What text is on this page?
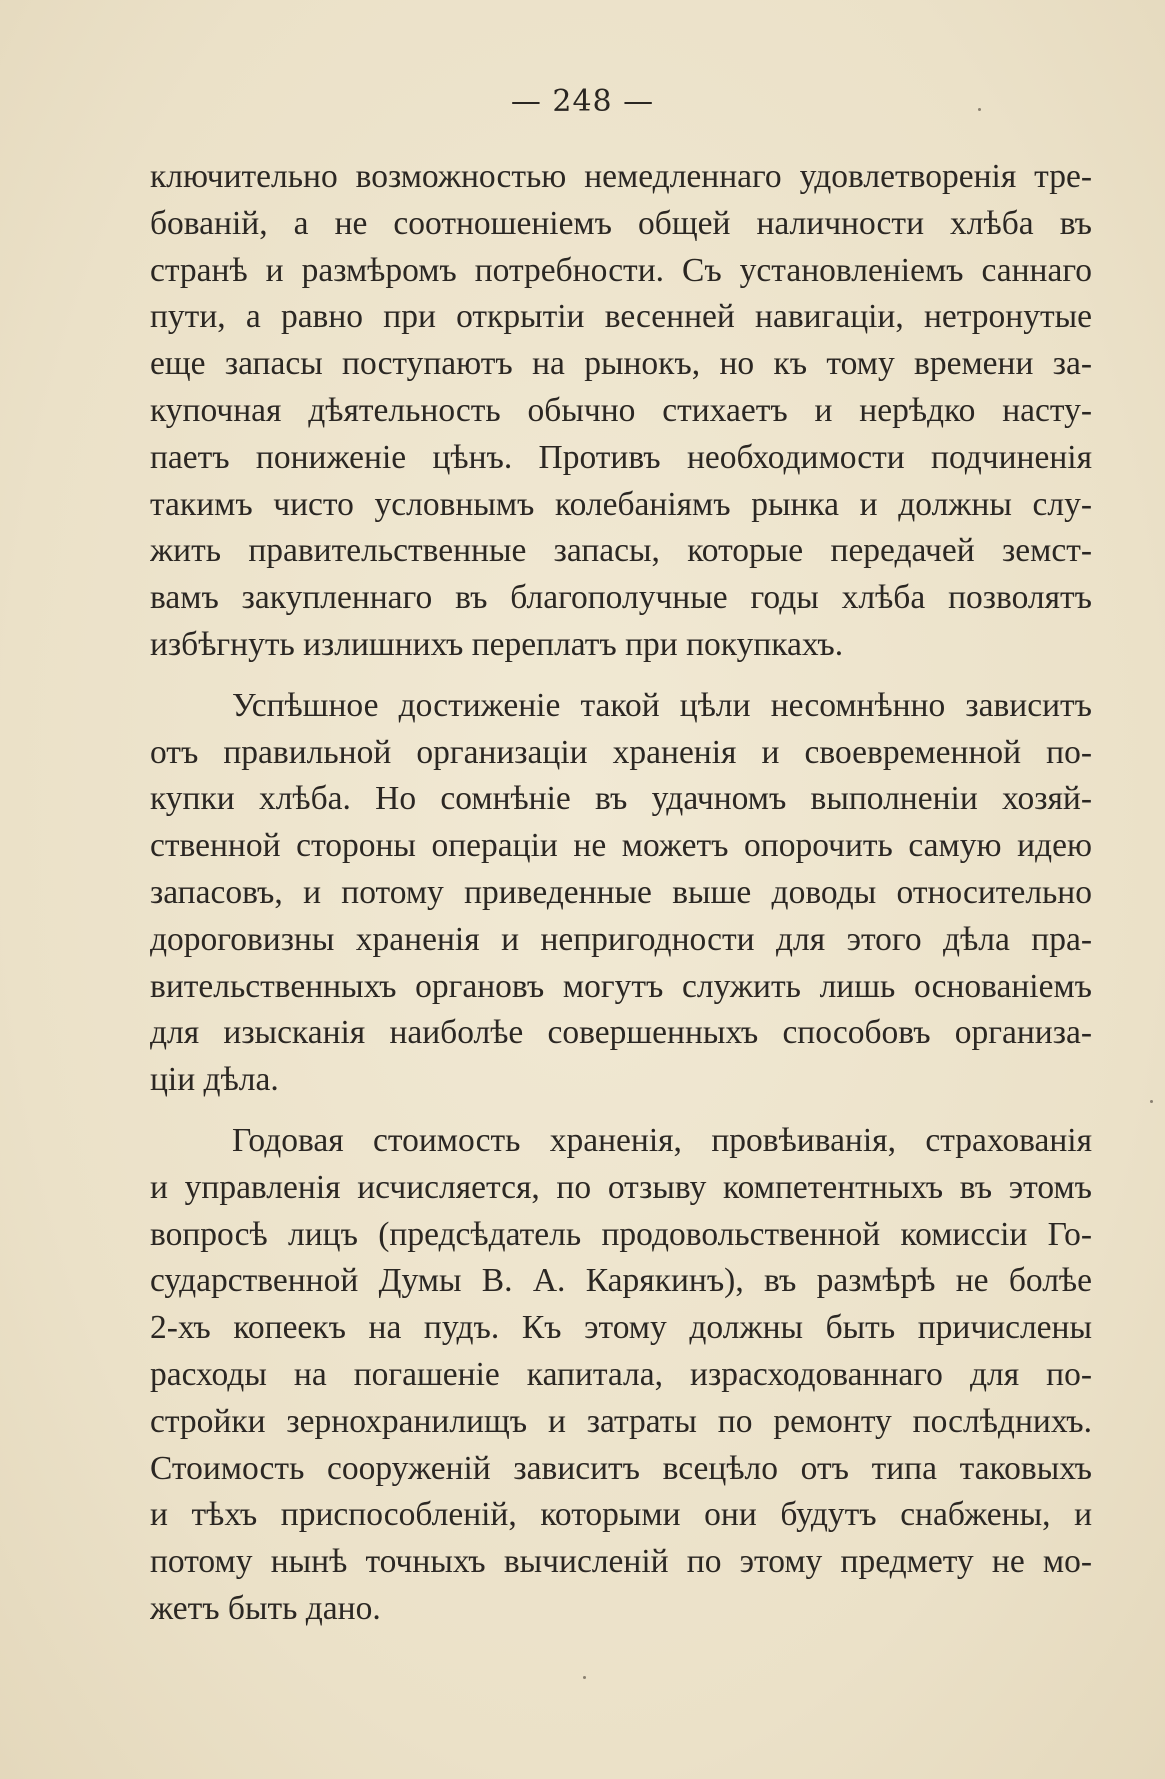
— 248 —
ключительно возможностью немедленнаго удовлетворенія тре-
бованій, а не соотношеніемъ общей наличности хлѣба въ
странѣ и размѣромъ потребности. Съ установленіемъ саннаго
пути, а равно при открытіи весенней навигаціи, нетронутые
еще запасы поступаютъ на рынокъ, но къ тому времени за-
купочная дѣятельность обычно стихаетъ и нерѣдко насту-
паетъ пониженіе цѣнъ. Противъ необходимости подчиненія
такимъ чисто условнымъ колебаніямъ рынка и должны слу-
жить правительственные запасы, которые передачей земст-
вамъ закупленнаго въ благополучные годы хлѣба позволятъ
избѣгнуть излишнихъ переплатъ при покупкахъ.
Успѣшное достиженіе такой цѣли несомнѣнно зависитъ
отъ правильной организаціи храненія и своевременной по-
купки хлѣба. Но сомнѣніе въ удачномъ выполненіи хозяй-
ственной стороны операціи не можетъ опорочить самую идею
запасовъ, и потому приведенные выше доводы относительно
дороговизны храненія и непригодности для этого дѣла пра-
вительственныхъ органовъ могутъ служить лишь основаніемъ
для изысканія наиболѣе совершенныхъ способовъ организа-
ціи дѣла.
Годовая стоимость храненія, провѣиванія, страхованія
и управленія исчисляется, по отзыву компетентныхъ въ этомъ
вопросѣ лицъ (предсѣдатель продовольственной комиссіи Го-
сударственной Думы В. А. Карякинъ), въ размѣрѣ не болѣе
2-хъ копеекъ на пудъ. Къ этому должны быть причислены
расходы на погашеніе капитала, израсходованнаго для по-
стройки зернохранилищъ и затраты по ремонту послѣднихъ.
Стоимость сооруженій зависитъ всецѣло отъ типа таковыхъ
и тѣхъ приспособленій, которыми они будутъ снабжены, и
потому нынѣ точныхъ вычисленій по этому предмету не мо-
жетъ быть дано.
